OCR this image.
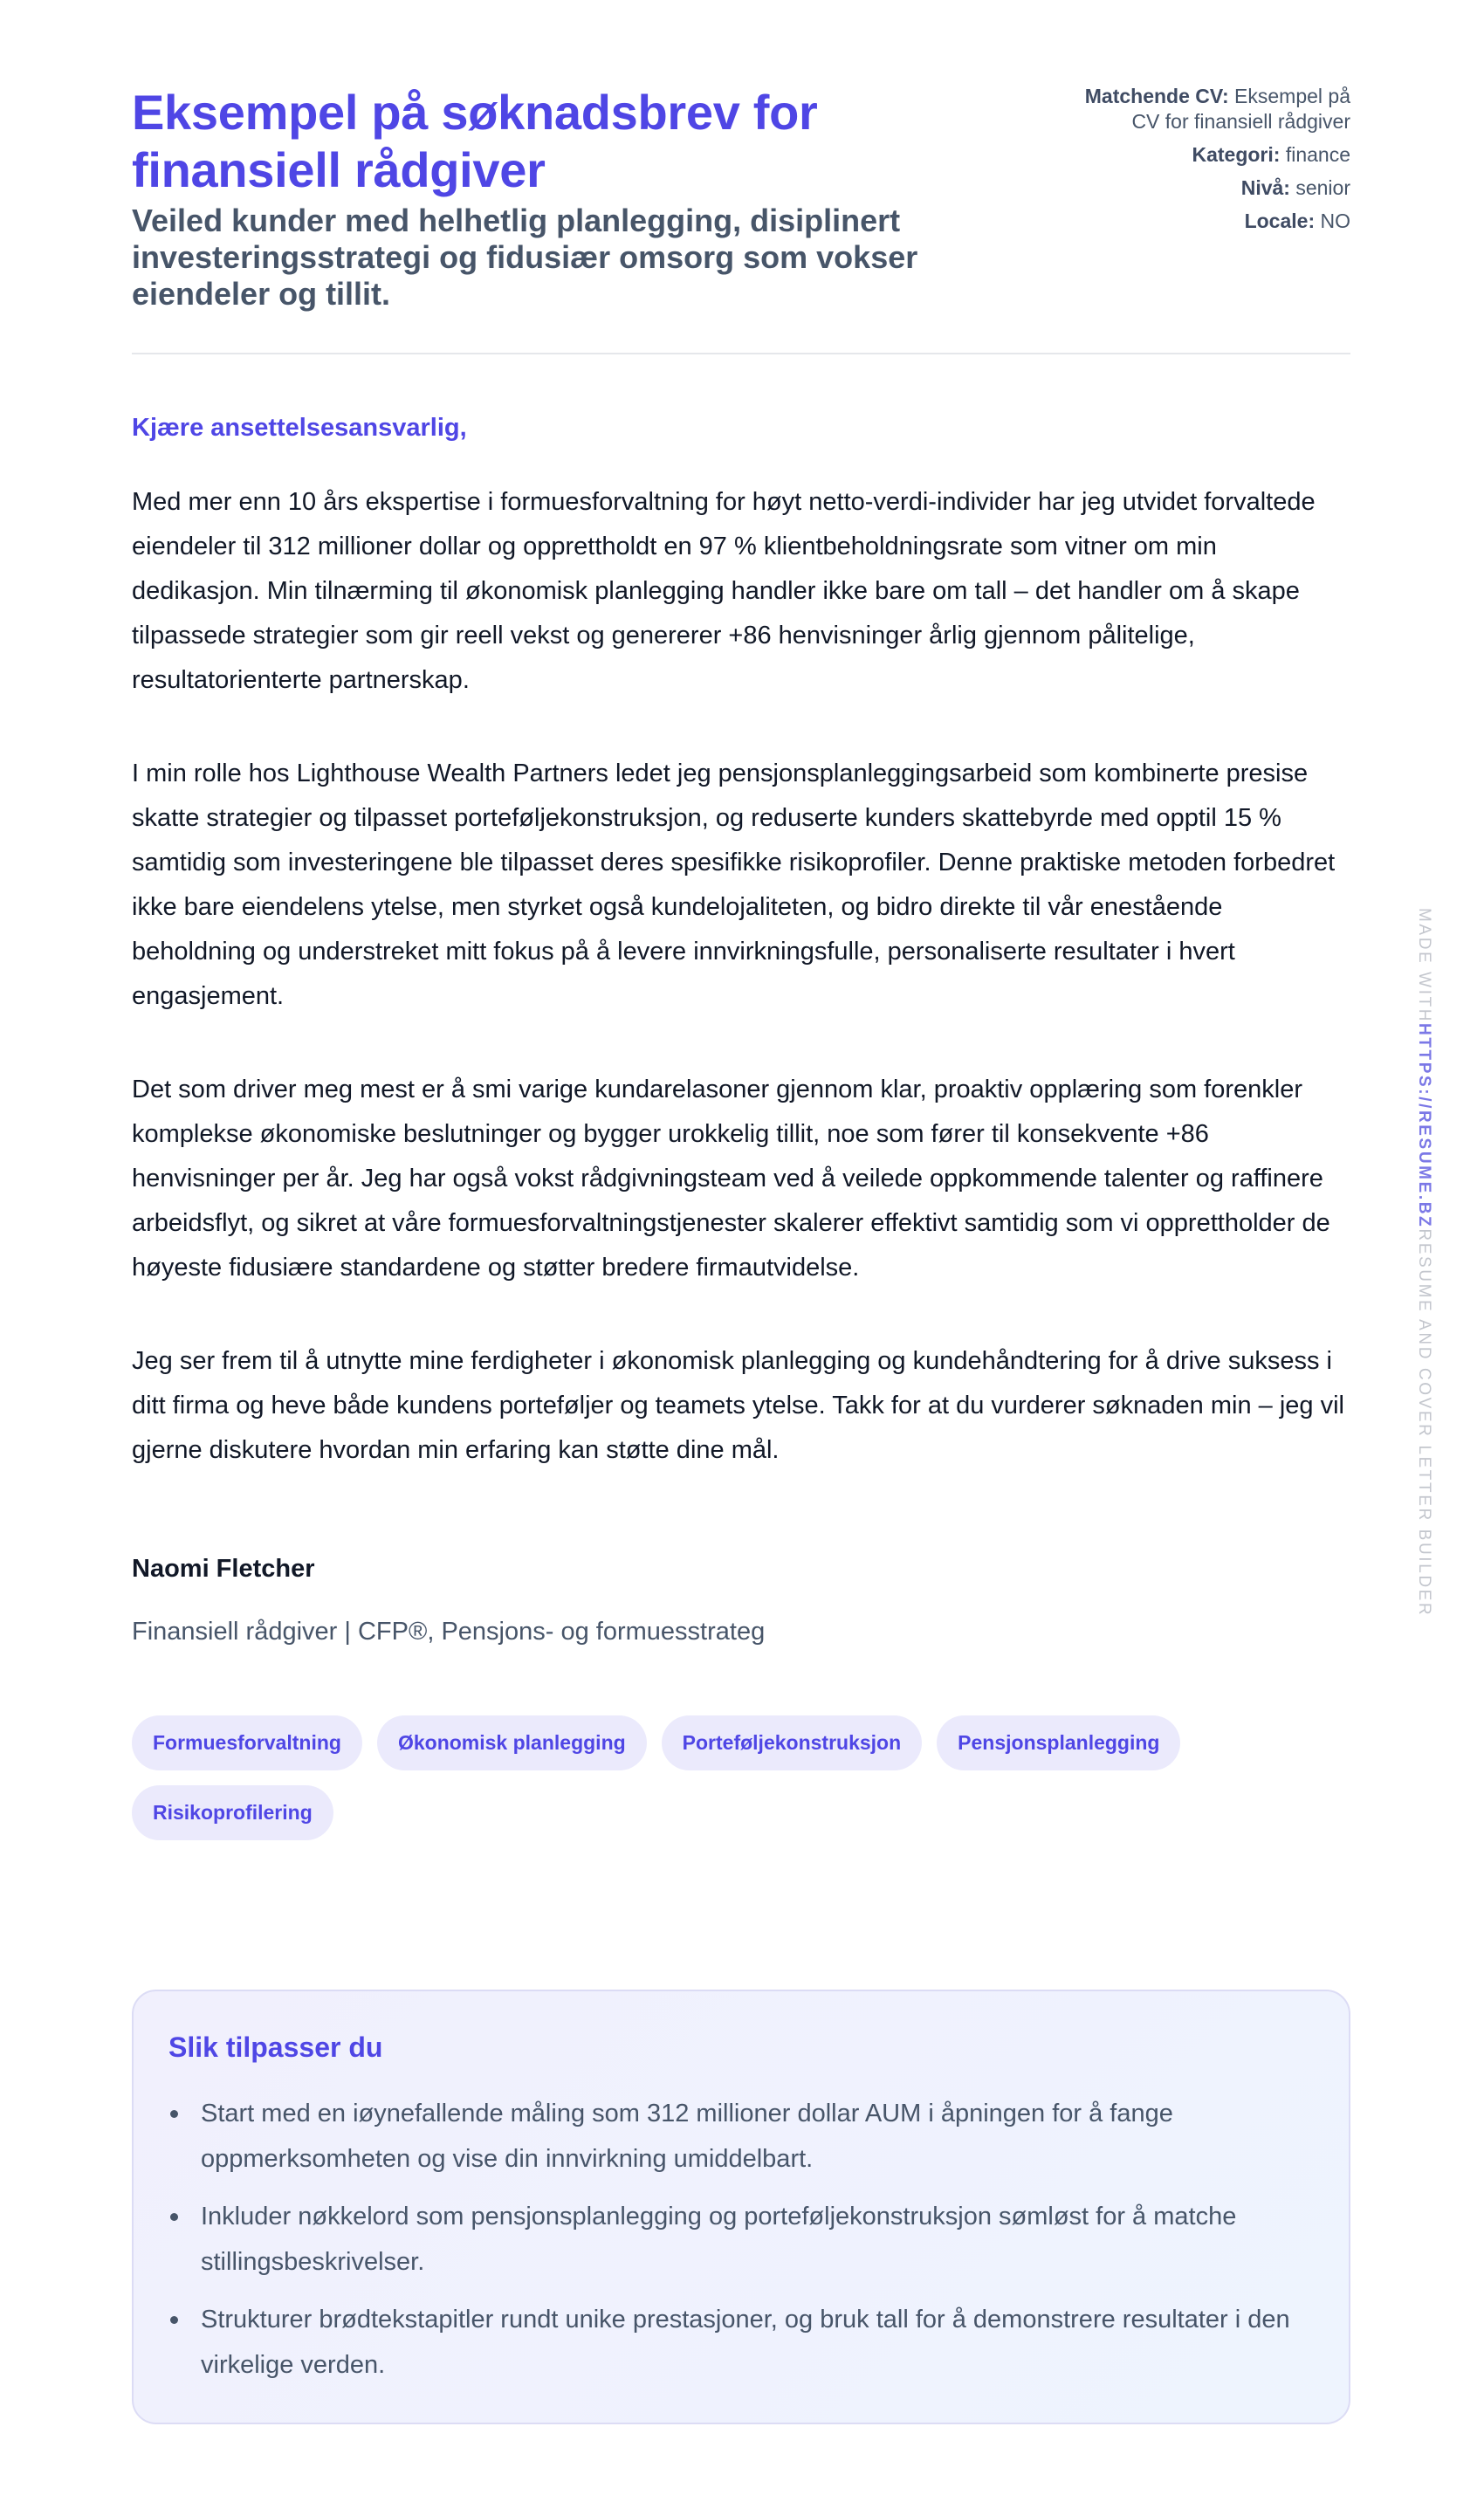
Eksempel på søknadsbrev for finansiell rådgiver

Veiled kunder med helhetlig planlegging, disiplinert investeringsstrategi og fidusiær omsorg som vokser eiendeler og tillit.

Matchende CV: Eksempel på CV for finansiell rådgiver
Kategori: finance
Nivå: senior
Locale: NO

Kjære ansettelsesansvarlig,

Med mer enn 10 års ekspertise i formuesforvaltning for høyt netto-verdi-individer har jeg utvidet forvaltede eiendeler til 312 millioner dollar og opprettholdt en 97 % klientbeholdningsrate som vitner om min dedikasjon. Min tilnærming til økonomisk planlegging handler ikke bare om tall – det handler om å skape tilpassede strategier som gir reell vekst og genererer +86 henvisninger årlig gjennom pålitelige, resultatorienterte partnerskap.

I min rolle hos Lighthouse Wealth Partners ledet jeg pensjonsplanleggingsarbeid som kombinerte presise skatte strategier og tilpasset porteføljekonstruksjon, og reduserte kunders skattebyrde med opptil 15 % samtidig som investeringene ble tilpasset deres spesifikke risikoprofiler. Denne praktiske metoden forbedret ikke bare eiendelens ytelse, men styrket også kundelojaliteten, og bidro direkte til vår enestående beholdning og understreket mitt fokus på å levere innvirkningsfulle, personaliserte resultater i hvert engasjement.

Det som driver meg mest er å smi varige kundarelasoner gjennom klar, proaktiv opplæring som forenkler komplekse økonomiske beslutninger og bygger urokkelig tillit, noe som fører til konsekvente +86 henvisninger per år. Jeg har også vokst rådgivningsteam ved å veilede oppkommende talenter og raffinere arbeidsflyt, og sikret at våre formuesforvaltningstjenester skalerer effektivt samtidig som vi opprettholder de høyeste fidusiære standardene og støtter bredere firmautvidelse.

Jeg ser frem til å utnytte mine ferdigheter i økonomisk planlegging og kundehåndtering for å drive suksess i ditt firma og heve både kundens porteføljer og teamets ytelse. Takk for at du vurderer søknaden min – jeg vil gjerne diskutere hvordan min erfaring kan støtte dine mål.

Naomi Fletcher

Finansiell rådgiver | CFP®, Pensjons- og formuesstrateg

Formuesforvaltning	Økonomisk planlegging	Porteføljekonstruksjon	Pensjonsplanlegging
Risikoprofilering
Slik tilpasser du
Start med en iøynefallende måling som 312 millioner dollar AUM i åpningen for å fange oppmerksomheten og vise din innvirkning umiddelbart.
Inkluder nøkkelord som pensjonsplanlegging og porteføljekonstruksjon sømløst for å matche stillingsbeskrivelser.
Strukturer brødtekstapitler rundt unike prestasjoner, og bruk tall for å demonstrere resultater i den virkelige verden.
MADE WITHHTTPS://RESUME.BZRESUME AND COVER LETTER BUILDER
